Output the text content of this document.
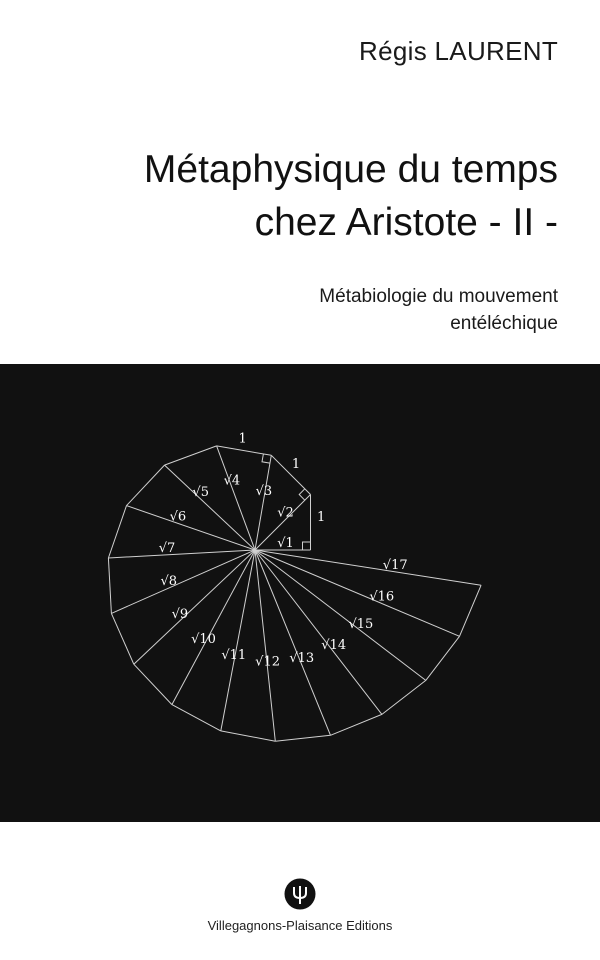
Régis LAURENT
Métaphysique du temps
chez Aristote - II -
Métabiologie du mouvement
entéléchique
√1
√2
√3
√4
√5
√6
√7
√8
√9
√10
√11 √12 √13
√14
√15
√16
√17
1
1
1
Villegagnons-Plaisance Editions
